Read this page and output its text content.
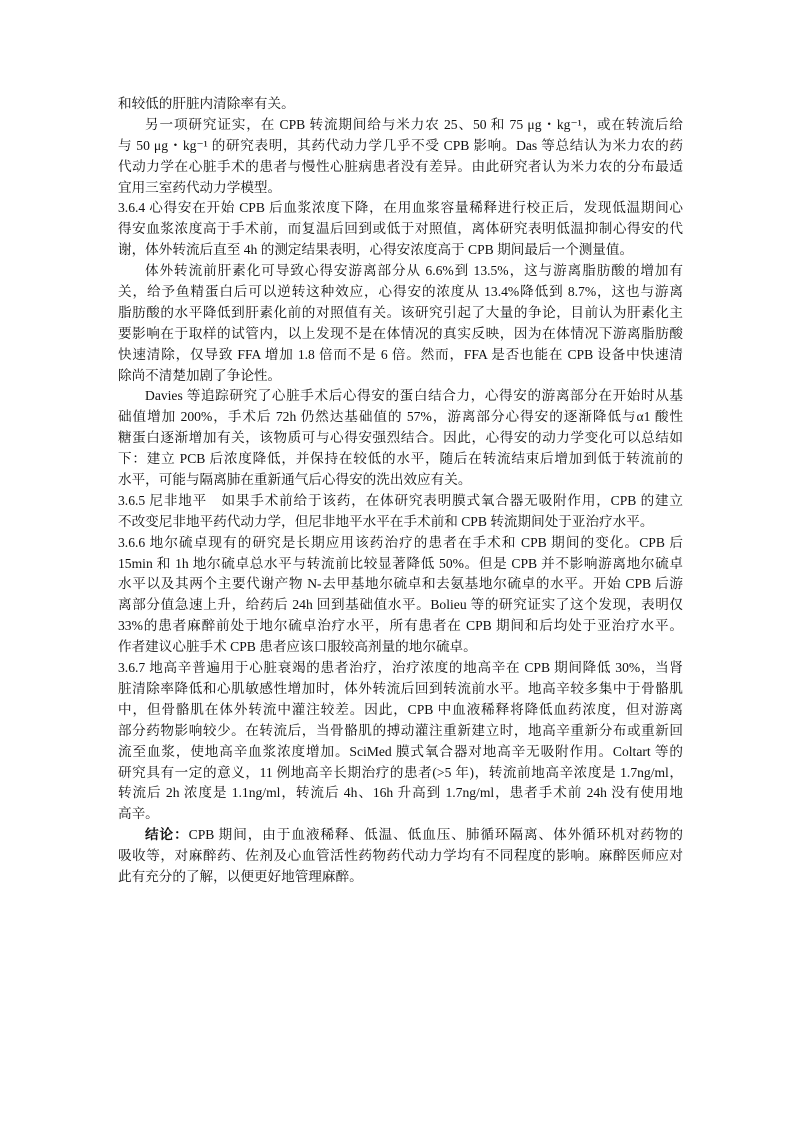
和较低的肝脏内清除率有关。
另一项研究证实，在 CPB 转流期间给与米力农 25、50 和 75 μg・kg⁻¹，或在转流后给
与 50 μg・kg⁻¹ 的研究表明，其药代动力学几乎不受 CPB 影响。Das 等总结认为米力农的药
代动力学在心脏手术的患者与慢性心脏病患者没有差异。由此研究者认为米力农的分布最适
宜用三室药代动力学模型。
3.6.4 心得安在开始 CPB 后血浆浓度下降，在用血浆容量稀释进行校正后，发现低温期间心
得安血浆浓度高于手术前，而复温后回到或低于对照值，离体研究表明低温抑制心得安的代
谢，体外转流后直至 4h 的测定结果表明，心得安浓度高于 CPB 期间最后一个测量值。
体外转流前肝素化可导致心得安游离部分从 6.6%到 13.5%，这与游离脂肪酸的增加有
关，给予鱼精蛋白后可以逆转这种效应，心得安的浓度从 13.4%降低到 8.7%，这也与游离
脂肪酸的水平降低到肝素化前的对照值有关。该研究引起了大量的争论，目前认为肝素化主
要影响在于取样的试管内，以上发现不是在体情况的真实反映，因为在体情况下游离脂肪酸
快速清除，仅导致 FFA 增加 1.8 倍而不是 6 倍。然而，FFA 是否也能在 CPB 设备中快速清
除尚不清楚加剧了争论性。
Davies 等追踪研究了心脏手术后心得安的蛋白结合力，心得安的游离部分在开始时从基
础值增加 200%，手术后 72h 仍然达基础值的 57%，游离部分心得安的逐渐降低与α1 酸性
糖蛋白逐渐增加有关，该物质可与心得安强烈结合。因此，心得安的动力学变化可以总结如
下：建立 PCB 后浓度降低，并保持在较低的水平，随后在转流结束后增加到低于转流前的
水平，可能与隔离肺在重新通气后心得安的洗出效应有关。
3.6.5 尼非地平　如果手术前给于该药，在体研究表明膜式氧合器无吸附作用，CPB 的建立
不改变尼非地平药代动力学，但尼非地平水平在手术前和 CPB 转流期间处于亚治疗水平。
3.6.6 地尔硫卓现有的研究是长期应用该药治疗的患者在手术和 CPB 期间的变化。CPB 后
15min 和 1h 地尔硫卓总水平与转流前比较显著降低 50%。但是 CPB 并不影响游离地尔硫卓
水平以及其两个主要代谢产物 N-去甲基地尔硫卓和去氨基地尔硫卓的水平。开始 CPB 后游
离部分值急速上升，给药后 24h 回到基础值水平。Bolieu 等的研究证实了这个发现，表明仅
33%的患者麻醉前处于地尔硫卓治疗水平，所有患者在 CPB 期间和后均处于亚治疗水平。
作者建议心脏手术 CPB 患者应该口服较高剂量的地尔硫卓。
3.6.7 地高辛普遍用于心脏衰竭的患者治疗，治疗浓度的地高辛在 CPB 期间降低 30%，当肾
脏清除率降低和心肌敏感性增加时，体外转流后回到转流前水平。地高辛较多集中于骨骼肌
中，但骨骼肌在体外转流中灌注较差。因此，CPB 中血液稀释将降低血药浓度，但对游离
部分药物影响较少。在转流后，当骨骼肌的搏动灌注重新建立时，地高辛重新分布或重新回
流至血浆，使地高辛血浆浓度增加。SciMed 膜式氧合器对地高辛无吸附作用。Coltart 等的
研究具有一定的意义，11 例地高辛长期治疗的患者(>5 年)，转流前地高辛浓度是 1.7ng/ml，
转流后 2h 浓度是 1.1ng/ml，转流后 4h、16h 升高到 1.7ng/ml，患者手术前 24h 没有使用地
高辛。
结论：CPB 期间，由于血液稀释、低温、低血压、肺循环隔离、体外循环机对药物的
吸收等，对麻醉药、佐剂及心血管活性药物药代动力学均有不同程度的影响。麻醉医师应对
此有充分的了解，以便更好地管理麻醉。
